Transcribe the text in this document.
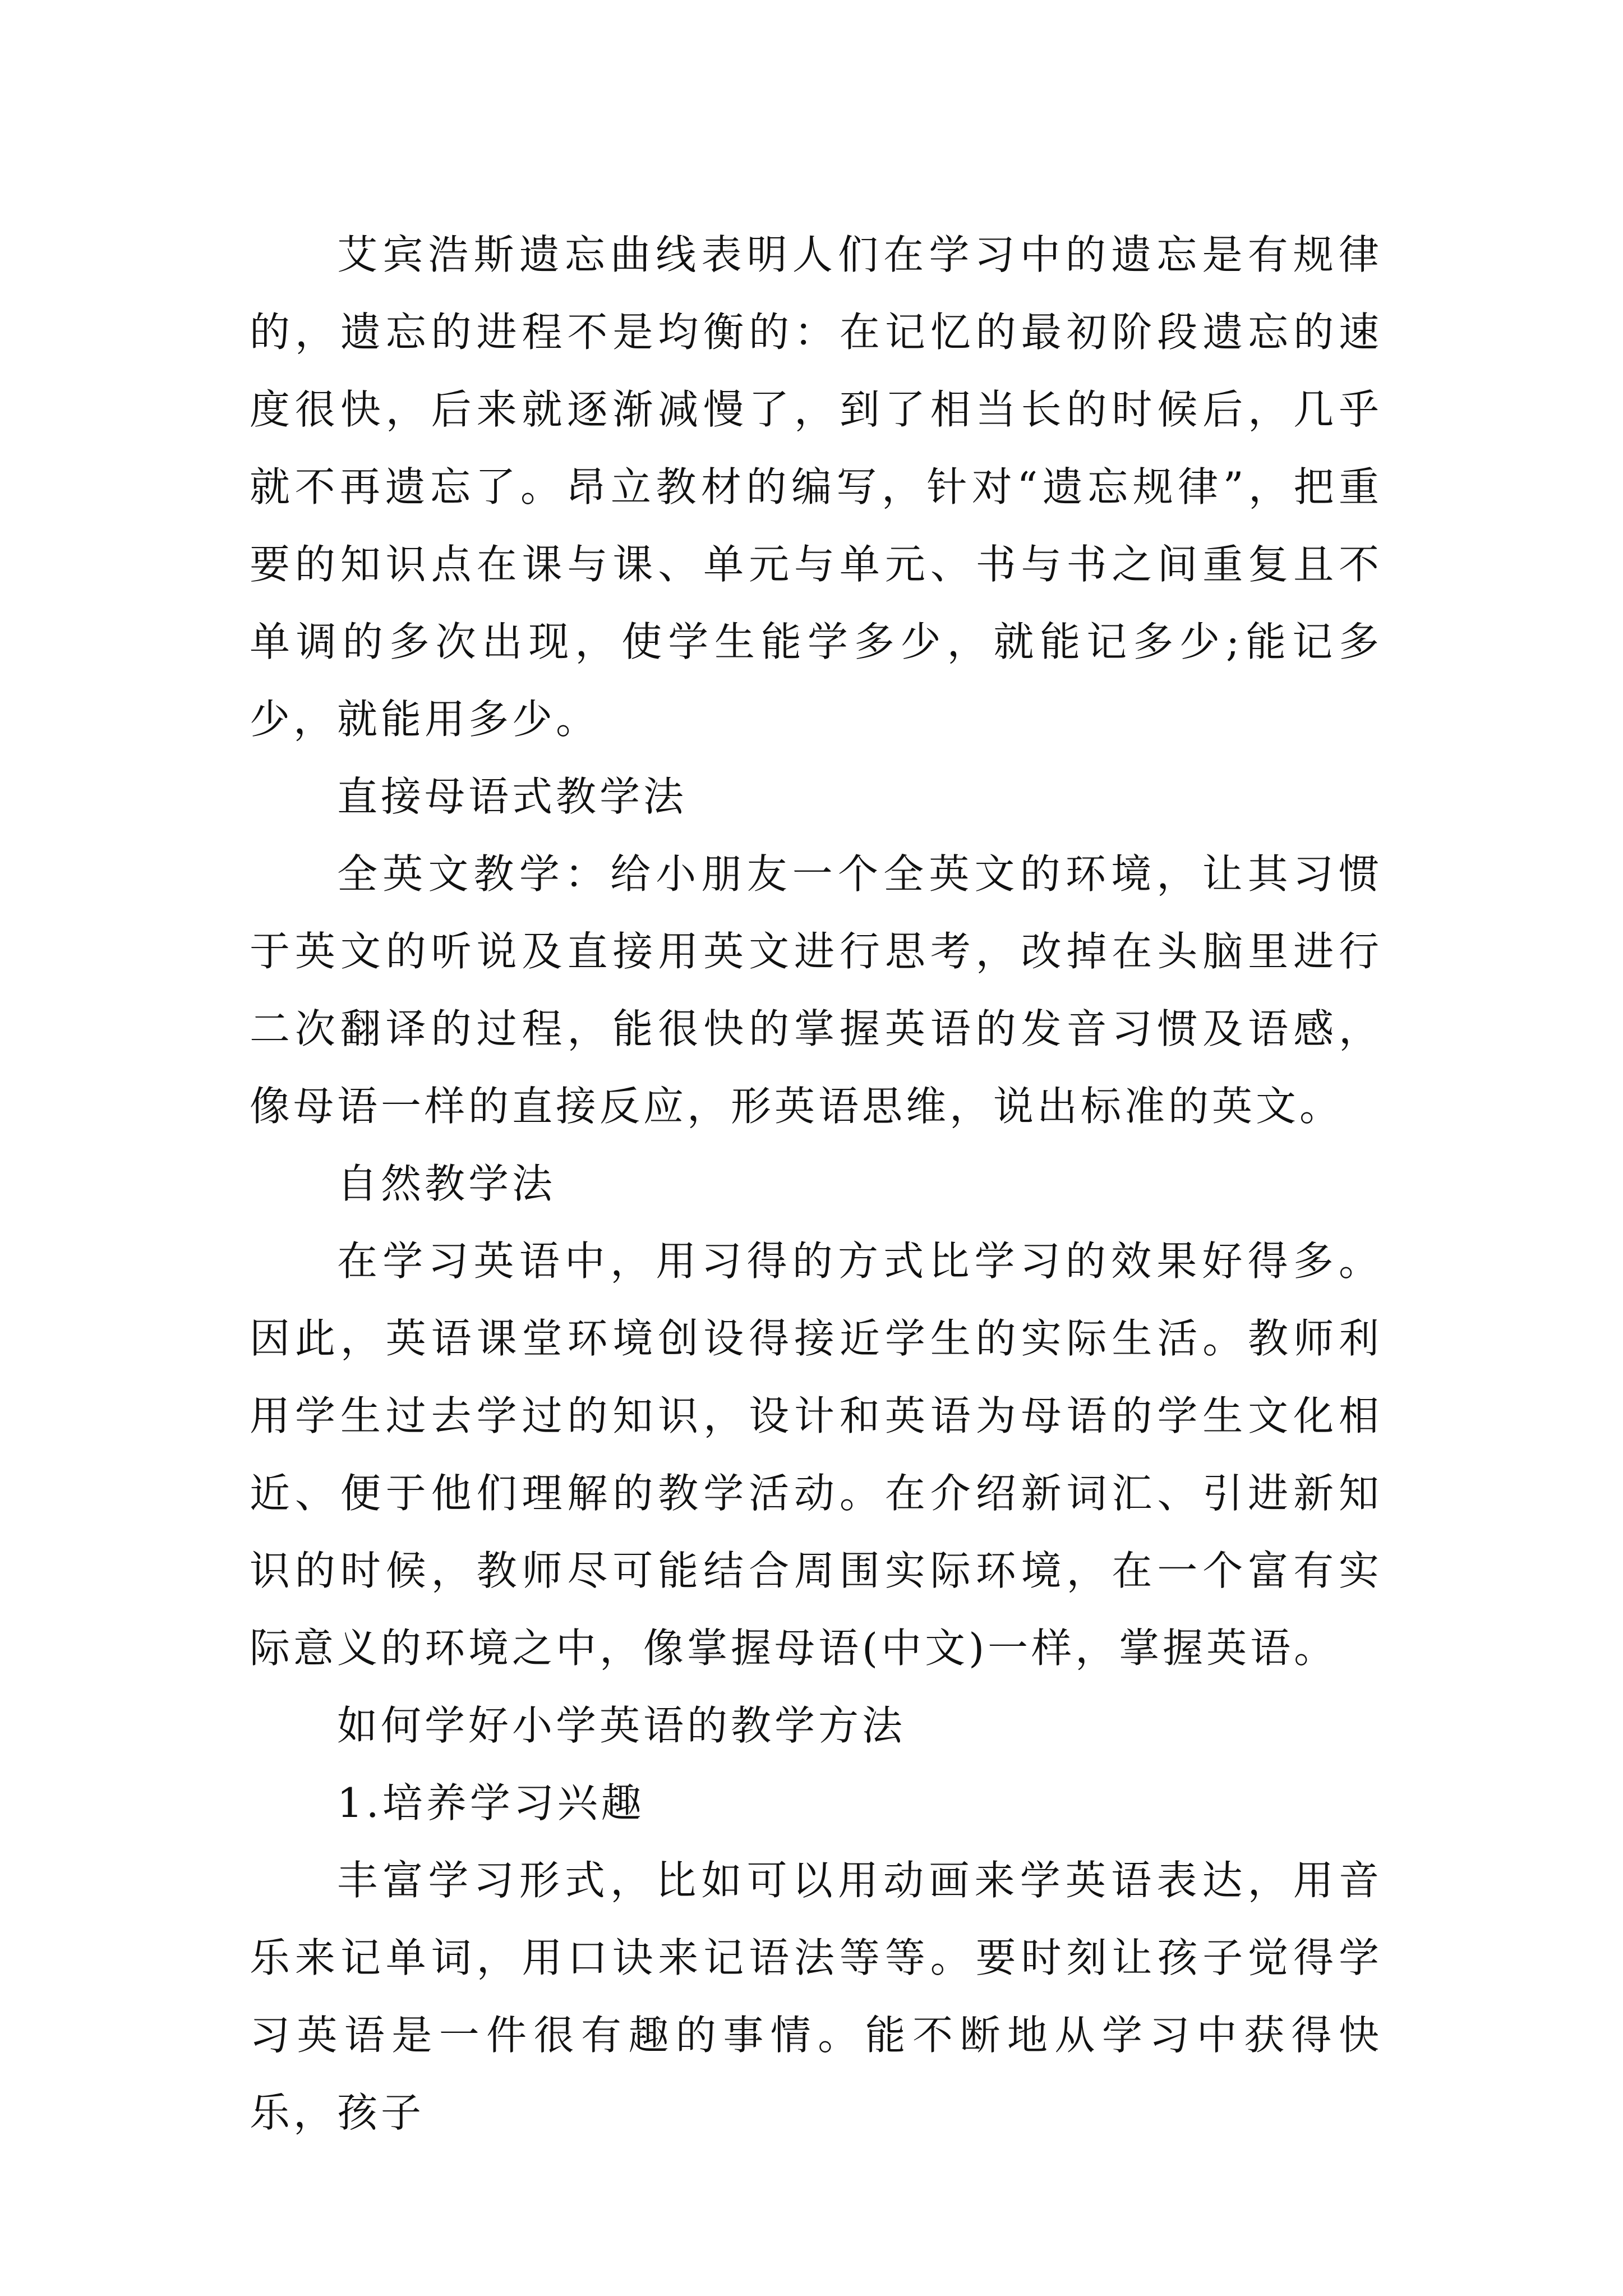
艾宾浩斯遗忘曲线表明人们在学习中的遗忘是有规律的，遗忘的进程不是均衡的：在记忆的最初阶段遗忘的速度很快，后来就逐渐减慢了，到了相当长的时候后，几乎就不再遗忘了。昂立教材的编写，针对“遗忘规律”，把重要的知识点在课与课、单元与单元、书与书之间重复且不单调的多次出现，使学生能学多少，就能记多少;能记多少，就能用多少。

直接母语式教学法

全英文教学：给小朋友一个全英文的环境，让其习惯于英文的听说及直接用英文进行思考，改掉在头脑里进行二次翻译的过程，能很快的掌握英语的发音习惯及语感，像母语一样的直接反应，形英语思维，说出标准的英文。

自然教学法

在学习英语中，用习得的方式比学习的效果好得多。因此，英语课堂环境创设得接近学生的实际生活。教师利用学生过去学过的知识，设计和英语为母语的学生文化相近、便于他们理解的教学活动。在介绍新词汇、引进新知识的时候，教师尽可能结合周围实际环境，在一个富有实际意义的环境之中，像掌握母语(中文)一样，掌握英语。

如何学好小学英语的教学方法

1.培养学习兴趣

丰富学习形式，比如可以用动画来学英语表达，用音乐来记单词，用口诀来记语法等等。要时刻让孩子觉得学习英语是一件很有趣的事情。能不断地从学习中获得快乐，孩子
